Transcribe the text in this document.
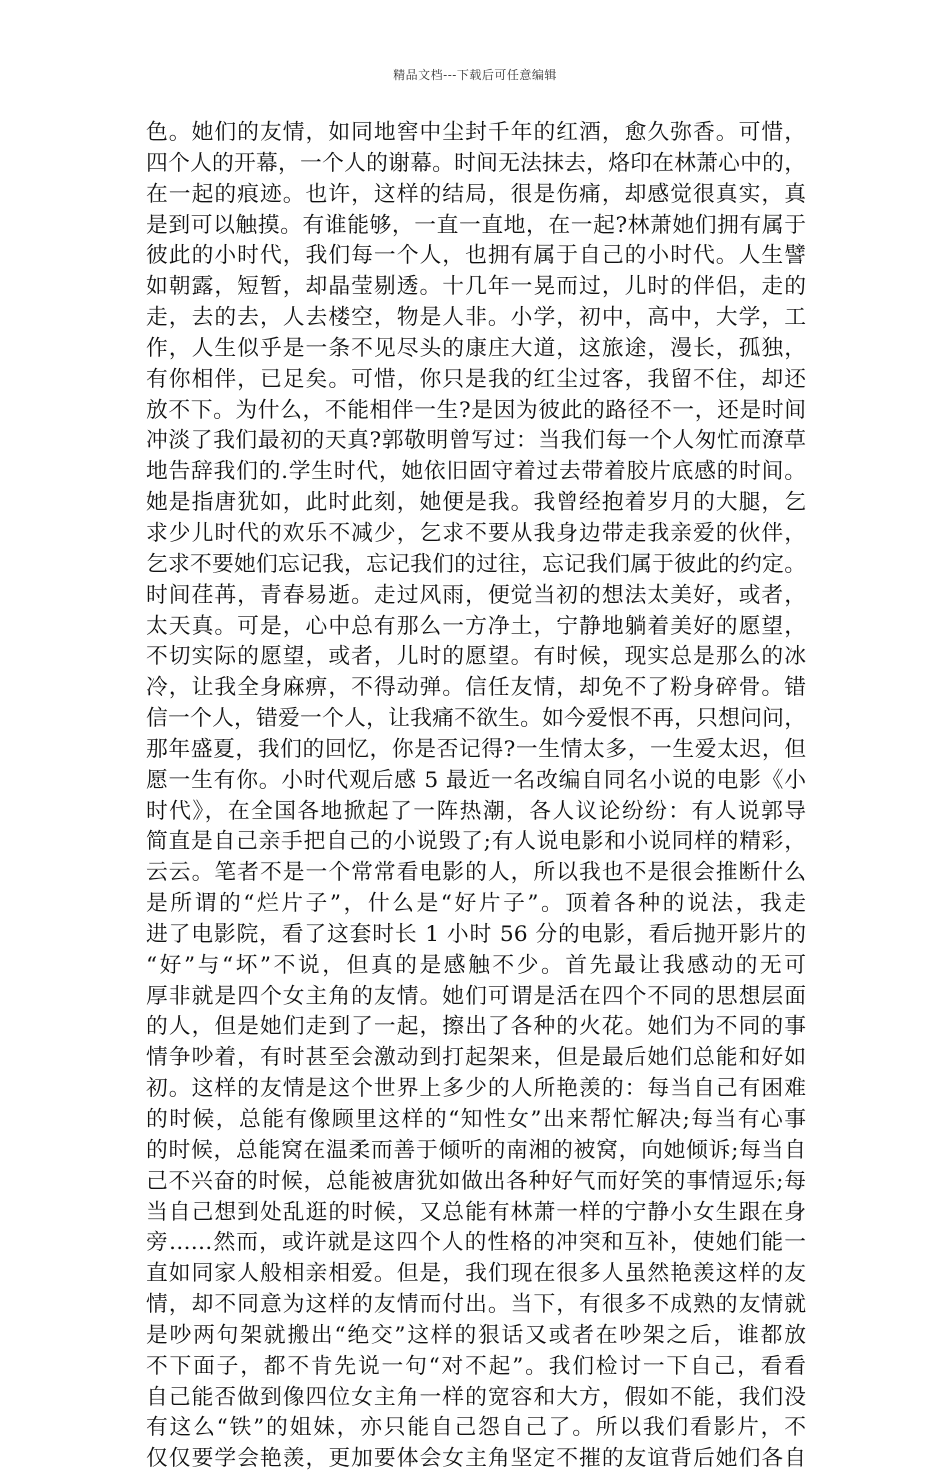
精品文档---下载后可任意编辑
色。她们的友情，如同地窖中尘封千年的红酒，愈久弥香。可惜，
四个人的开幕，一个人的谢幕。时间无法抹去，烙印在林萧心中的，
在一起的痕迹。也许，这样的结局，很是伤痛，却感觉很真实，真
是到可以触摸。有谁能够，一直一直地，在一起?林萧她们拥有属于
彼此的小时代，我们每一个人，也拥有属于自己的小时代。人生譬
如朝露，短暂，却晶莹剔透。十几年一晃而过，儿时的伴侣，走的
走，去的去，人去楼空，物是人非。小学，初中，高中，大学，工
作，人生似乎是一条不见尽头的康庄大道，这旅途，漫长，孤独，
有你相伴，已足矣。可惜，你只是我的红尘过客，我留不住，却还
放不下。为什么，不能相伴一生?是因为彼此的路径不一，还是时间
冲淡了我们最初的天真?郭敬明曾写过：当我们每一个人匆忙而潦草
地告辞我们的.学生时代，她依旧固守着过去带着胶片底感的时间。
她是指唐犹如，此时此刻，她便是我。我曾经抱着岁月的大腿，乞
求少儿时代的欢乐不减少，乞求不要从我身边带走我亲爱的伙伴，
乞求不要她们忘记我，忘记我们的过往，忘记我们属于彼此的约定。
时间荏苒，青春易逝。走过风雨，便觉当初的想法太美好，或者，
太天真。可是，心中总有那么一方净土，宁静地躺着美好的愿望，
不切实际的愿望，或者，儿时的愿望。有时候，现实总是那么的冰
冷，让我全身麻痹，不得动弹。信任友情，却免不了粉身碎骨。错
信一个人，错爱一个人，让我痛不欲生。如今爱恨不再，只想问问，
那年盛夏，我们的回忆，你是否记得?一生情太多，一生爱太迟，但
愿一生有你。小时代观后感 5 最近一名改编自同名小说的电影《小
时代》，在全国各地掀起了一阵热潮，各人议论纷纷：有人说郭导
简直是自己亲手把自己的小说毁了;有人说电影和小说同样的精彩，
云云。笔者不是一个常常看电影的人，所以我也不是很会推断什么
是所谓的“烂片子”，什么是“好片子”。顶着各种的说法，我走
进了电影院，看了这套时长 1 小时 56 分的电影，看后抛开影片的
“好”与“坏”不说，但真的是感触不少。首先最让我感动的无可
厚非就是四个女主角的友情。她们可谓是活在四个不同的思想层面
的人，但是她们走到了一起，擦出了各种的火花。她们为不同的事
情争吵着，有时甚至会激动到打起架来，但是最后她们总能和好如
初。这样的友情是这个世界上多少的人所艳羡的：每当自己有困难
的时候，总能有像顾里这样的“知性女”出来帮忙解决;每当有心事
的时候，总能窝在温柔而善于倾听的南湘的被窝，向她倾诉;每当自
己不兴奋的时候，总能被唐犹如做出各种好气而好笑的事情逗乐;每
当自己想到处乱逛的时候，又总能有林萧一样的宁静小女生跟在身
旁……然而，或许就是这四个人的性格的冲突和互补，使她们能一
直如同家人般相亲相爱。但是，我们现在很多人虽然艳羡这样的友
情，却不同意为这样的友情而付出。当下，有很多不成熟的友情就
是吵两句架就搬出“绝交”这样的狠话又或者在吵架之后，谁都放
不下面子，都不肯先说一句“对不起”。我们检讨一下自己，看看
自己能否做到像四位女主角一样的宽容和大方，假如不能，我们没
有这么“铁”的姐妹，亦只能自己怨自己了。所以我们看影片，不
仅仅要学会艳羡，更加要体会女主角坚定不摧的友谊背后她们各自
